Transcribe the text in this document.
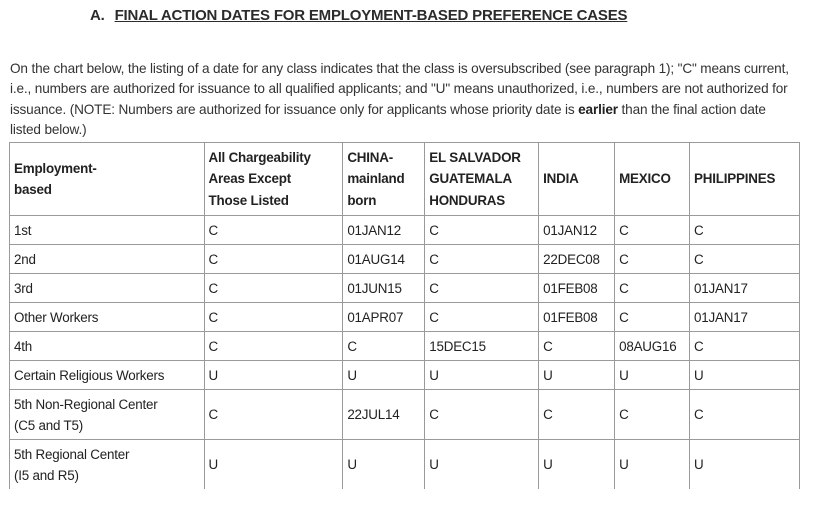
A. FINAL ACTION DATES FOR EMPLOYMENT-BASED PREFERENCE CASES

On the chart below, the listing of a date for any class indicates that the class is oversubscribed (see paragraph 1); "C" means current, i.e., numbers are authorized for issuance to all qualified applicants; and "U" means unauthorized, i.e., numbers are not authorized for issuance. (NOTE: Numbers are authorized for issuance only for applicants whose priority date is earlier than the final action date listed below.)

Employment-
based	All Chargeability
Areas Except
Those Listed	CHINA-
mainland
born	EL SALVADOR
GUATEMALA
HONDURAS	INDIA	MEXICO	PHILIPPINES
1st	C	01JAN12	C	01JAN12	C	C
2nd	C	01AUG14	C	22DEC08	C	C
3rd	C	01JUN15	C	01FEB08	C	01JAN17
Other Workers	C	01APR07	C	01FEB08	C	01JAN17
4th	C	C	15DEC15	C	08AUG16	C
Certain Religious Workers	U	U	U	U	U	U
5th Non-Regional Center
(C5 and T5)	C	22JUL14	C	C	C	C
5th Regional Center
(I5 and R5)	U	U	U	U	U	U
